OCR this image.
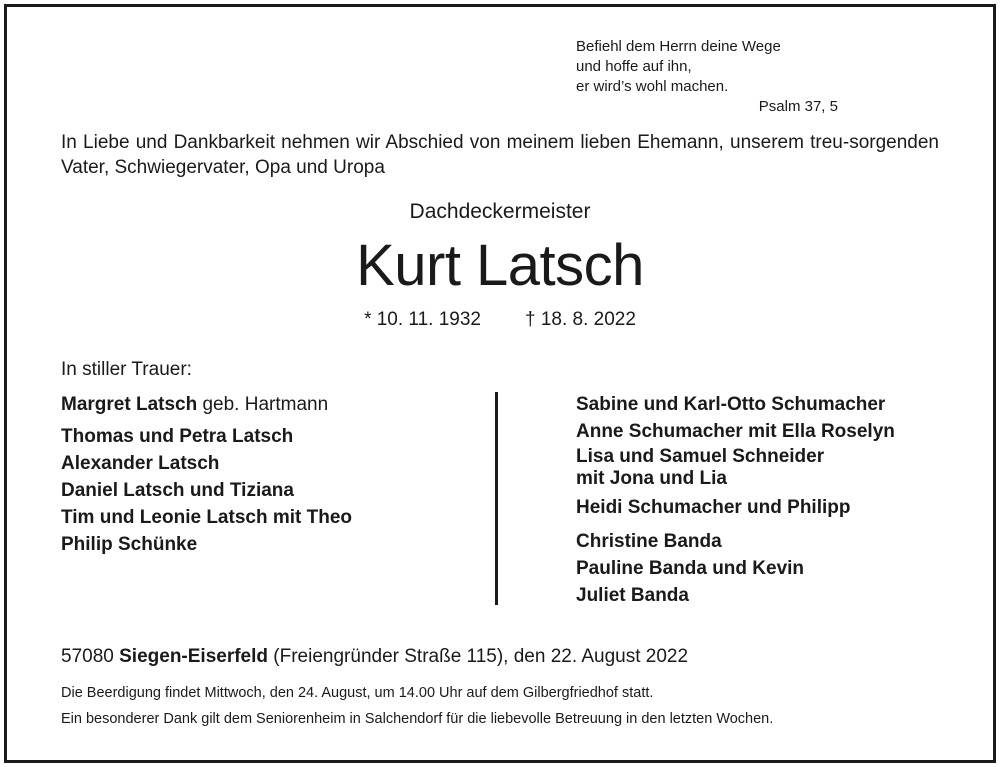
Befiehl dem Herrn deine Wege
und hoffe auf ihn,
er wird’s wohl machen.
Psalm 37, 5
In Liebe und Dankbarkeit nehmen wir Abschied von meinem lieben Ehemann, unserem treu-sorgenden Vater, Schwiegervater, Opa und Uropa
Dachdeckermeister
Kurt Latsch
* 10. 11. 1932 † 18. 8. 2022
In stiller Trauer:
Margret Latsch geb. Hartmann
Thomas und Petra Latsch
Alexander Latsch
Daniel Latsch und Tiziana
Tim und Leonie Latsch mit Theo
Philip Schünke
Sabine und Karl-Otto Schumacher
Anne Schumacher mit Ella Roselyn
Lisa und Samuel Schneider
mit Jona und Lia
Heidi Schumacher und Philipp
Christine Banda
Pauline Banda und Kevin
Juliet Banda
57080 Siegen-Eiserfeld (Freiengründer Straße 115), den 22. August 2022
Die Beerdigung findet Mittwoch, den 24. August, um 14.00 Uhr auf dem Gilbergfriedhof statt.
Ein besonderer Dank gilt dem Seniorenheim in Salchendorf für die liebevolle Betreuung in den letzten Wochen.
